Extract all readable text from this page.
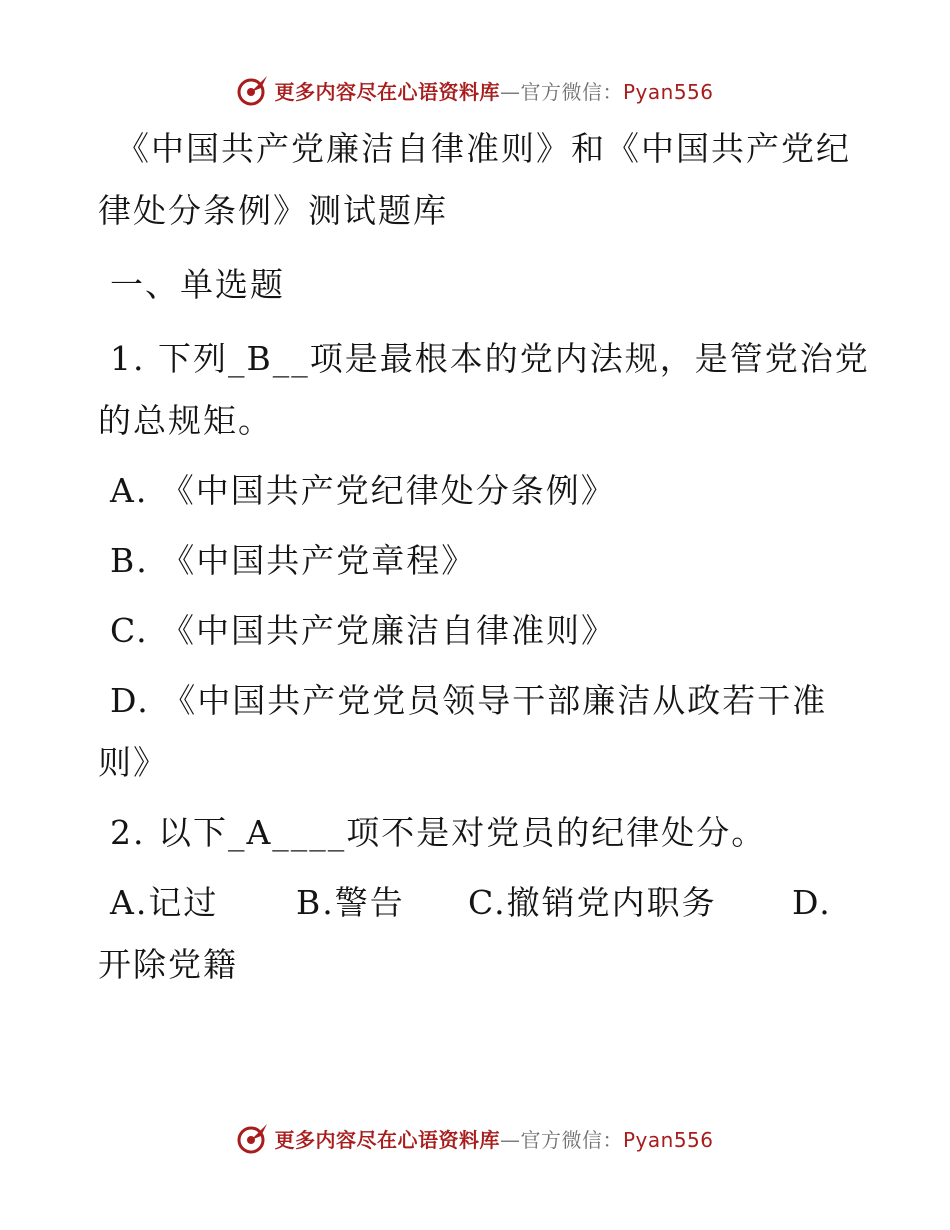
更多内容尽在心语资料库—官方微信：Pyan556

《中国共产党廉洁自律准则》和《中国共产党纪

律处分条例》测试题库

一、单选题

1. 下列_B__项是最根本的党内法规，是管党治党

的总规矩。

A. 《中国共产党纪律处分条例》

B. 《中国共产党章程》

C. 《中国共产党廉洁自律准则》

D. 《中国共产党党员领导干部廉洁从政若干准

则》

2. 以下_A____项不是对党员的纪律处分。

A.记过	B.警告	C.撤销党内职务	D.

开除党籍

更多内容尽在心语资料库—官方微信：Pyan556
